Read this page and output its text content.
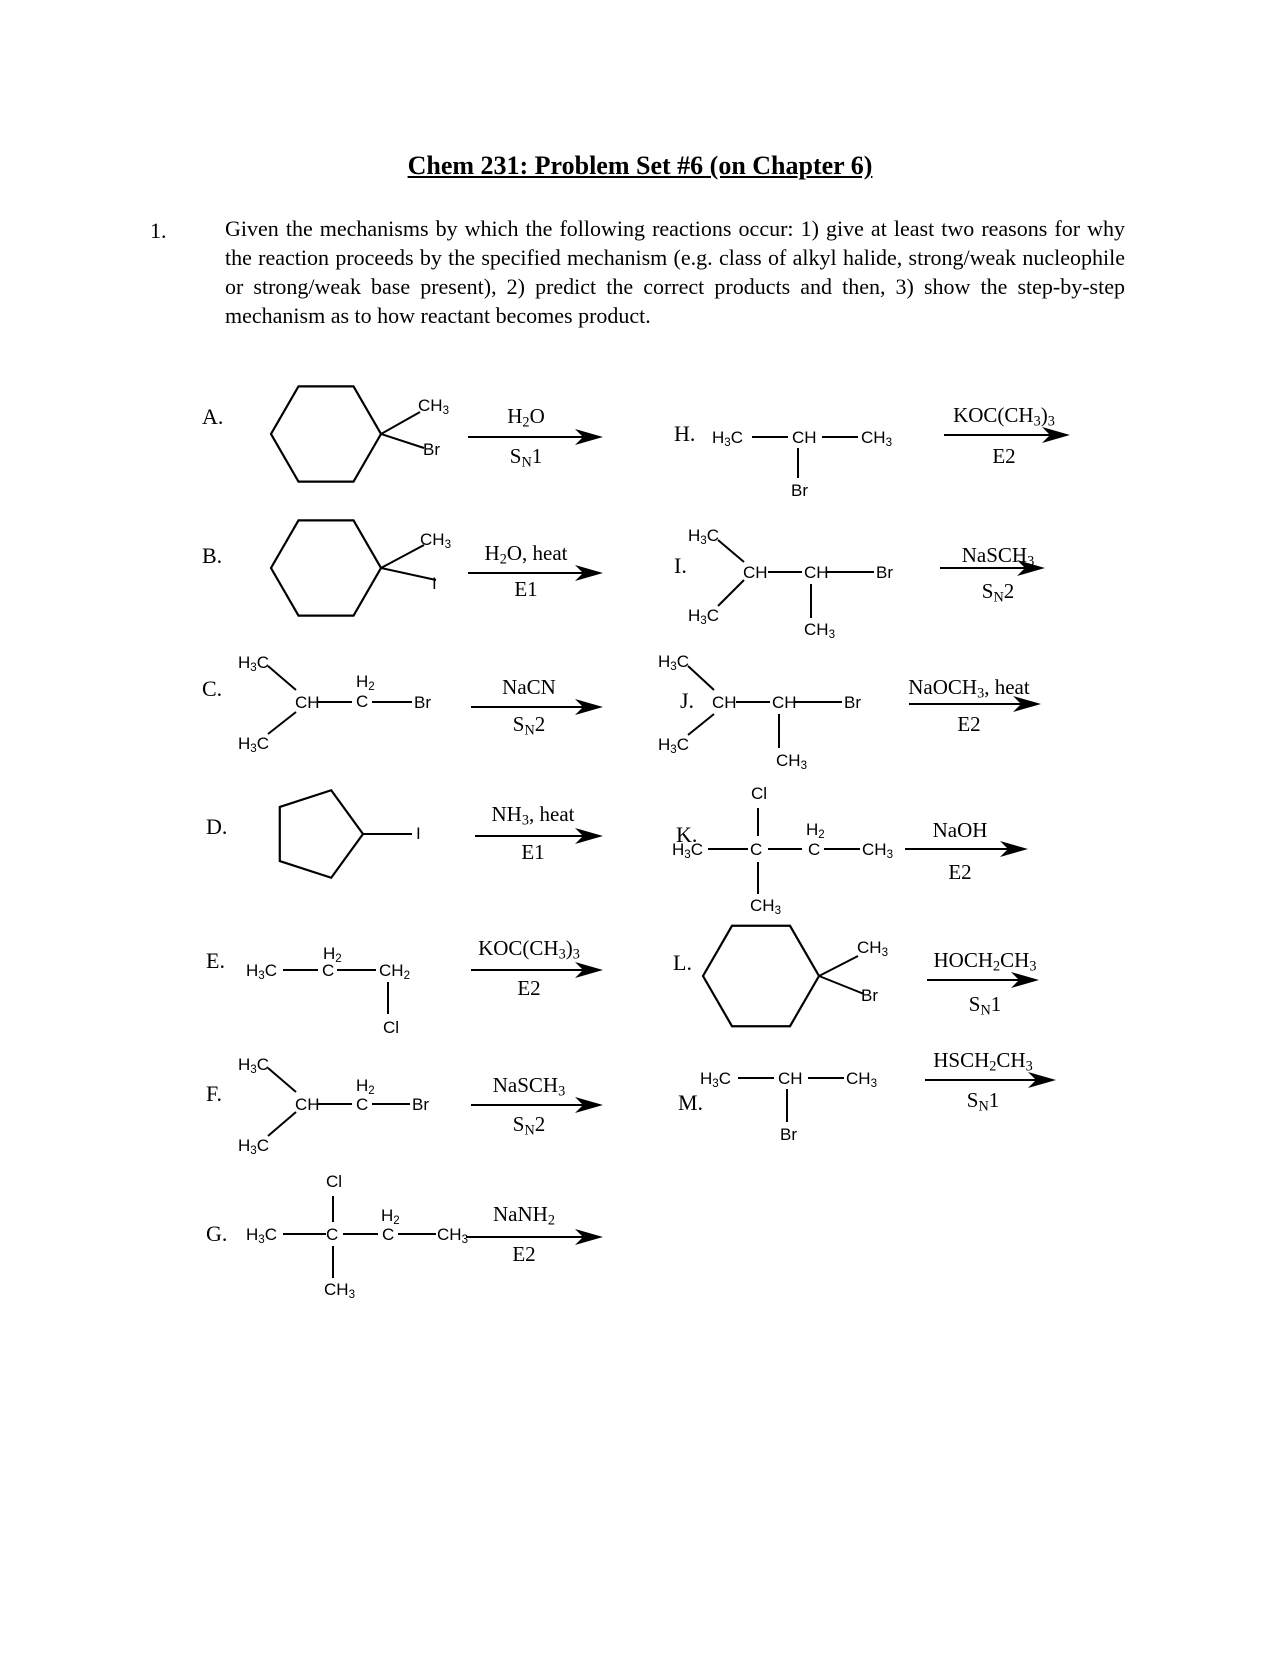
Chem 231: Problem Set #6 (on Chapter 6)
1.	Given the mechanisms by which the following reactions occur: 1) give at least two reasons for why the reaction proceeds by the specified mechanism (e.g. class of alkyl halide, strong/weak nucleophile or strong/weak base present), 2) predict the correct products and then, 3) show the step-by-step mechanism as to how reactant becomes product.
A.	$H_2O$
$S_N1$
$CH_3$
Br
B.	$H_2O$, heat
E1
$CH_3$
I
C.	NaCN
$S_N2$
$H_3C$
CH
$H_2$
C	Br
$H_3C$
D.	$NH_3$, heat
E1
I
E.	$KOC(CH_3)_3$
E2
$H_3C$
$H_2$
C	$CH_2$
Cl
F.	NaSCH$_3$
$S_N2$
$H_3C$
CH
$H_2$
C	Br
$H_3C$
G.
NaNH$_2$
E2
Cl
$H_3C$	C
$H_2$
C	$CH_3$
$CH_3$
H.
$KOC(CH_3)_3$
E2
$H_3C$	CH	$CH_3$
Br
I.	NaSCH$_3$
$S_N2$
$H_3C$
CH CH	Br
$H_3C$
$CH_3$
J.
NaOCH$_3$, heat
E2
$H_3C$
CH CH	Br
$H_3C$
$CH_3$
K.	NaOH
E2
Cl
$H_3C$	C
$H_2$
C $CH_3$
$CH_3$
L.	$HOCH_2CH_3$
$S_N1$
$CH_3$
Br
M.
$HSCH_2CH_3$
$S_N1$
$H_3C$	CH	$CH_3$
Br
